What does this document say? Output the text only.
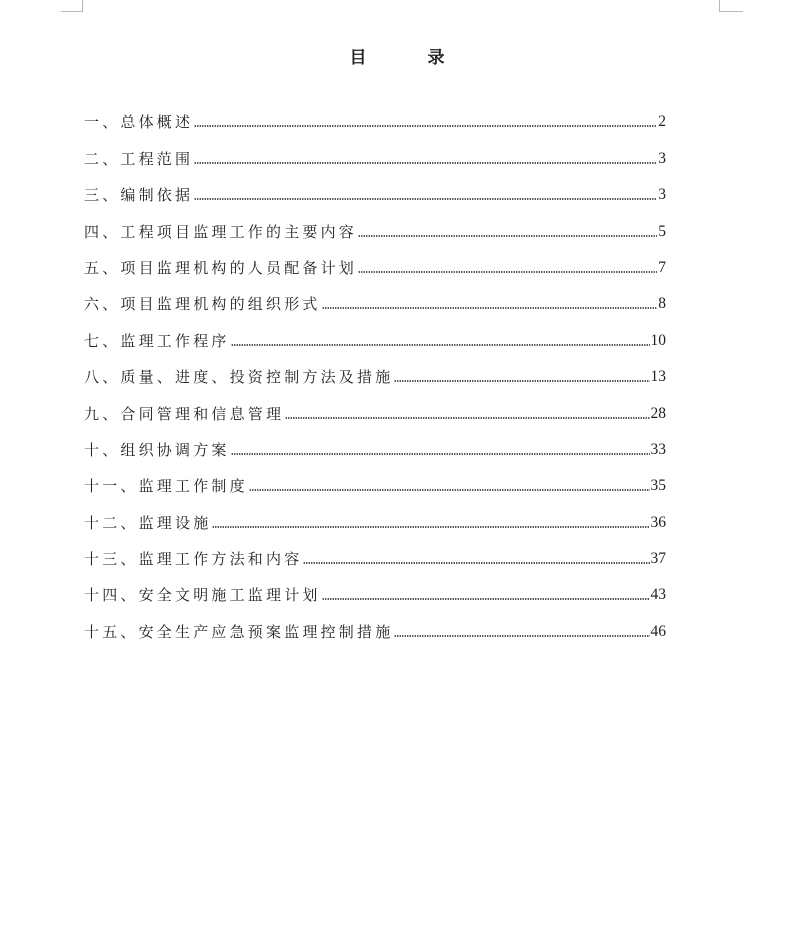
目　录
一、总体概述	2
二、工程范围	3
三、编制依据	3
四、工程项目监理工作的主要内容	5
五、项目监理机构的人员配备计划	7
六、项目监理机构的组织形式	8
七、监理工作程序	10
八、质量、进度、投资控制方法及措施	13
九、合同管理和信息管理	28
十、组织协调方案	33
十一、监理工作制度	35
十二、监理设施	36
十三、监理工作方法和内容	37
十四、安全文明施工监理计划	43
十五、安全生产应急预案监理控制措施	46
